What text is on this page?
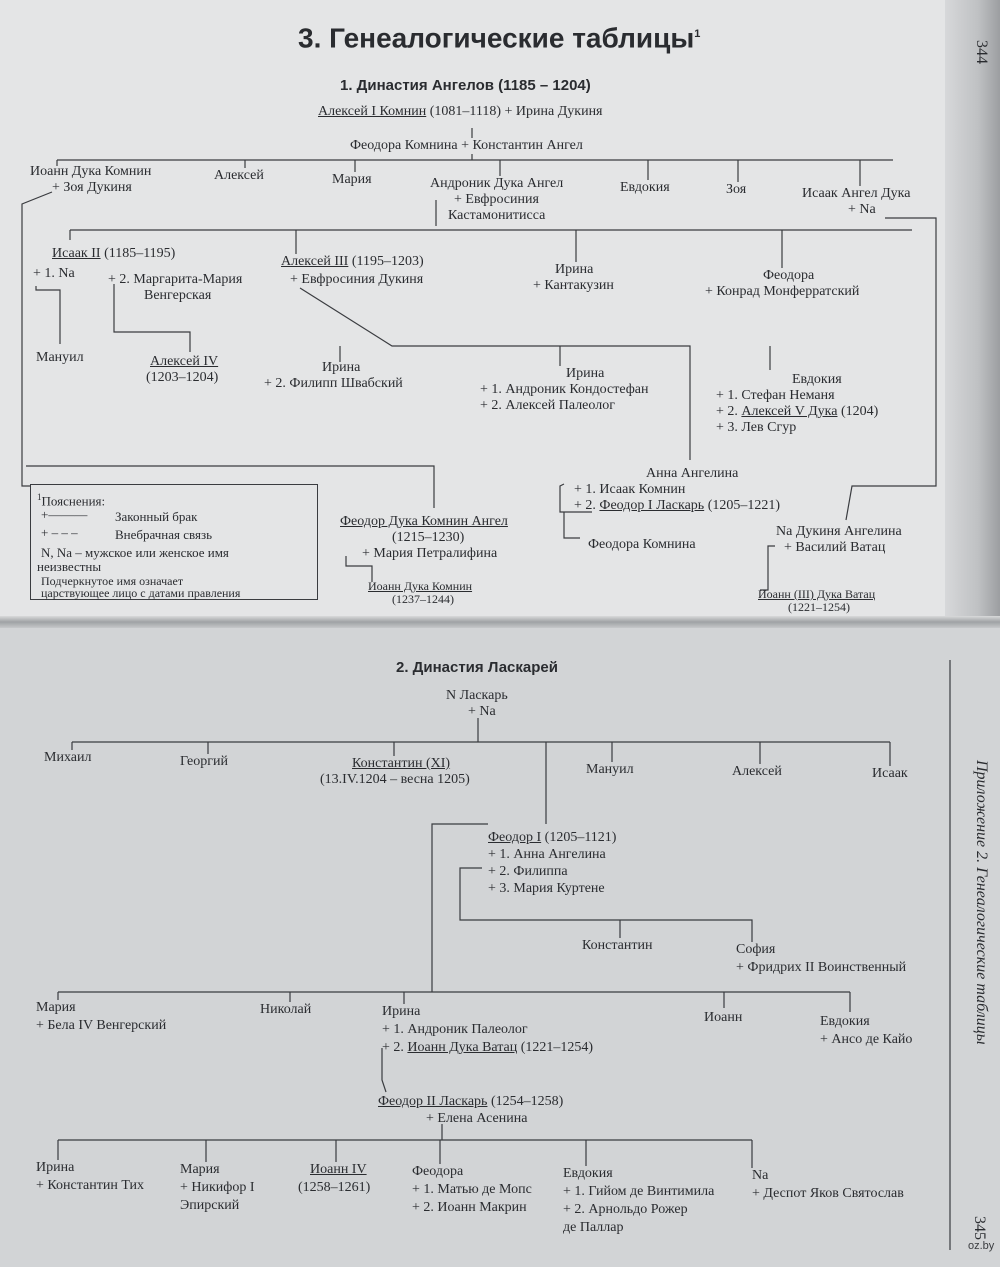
3. Генеалогические таблицы$^1$
1. Династия Ангелов (1185 – 1204)
344
Алексей I Комнин (1081–1118) + Ирина Дукиня
Феодора Комнина + Константин Ангел
Иоанн Дука Комнин
+ Зоя Дукиня
Алексей	Мария	Андроник Дука Ангел
+ Евфросиния
Кастамонитисса
Евдокия	Зоя	Исаак Ангел Дука
+ Na
Исаак II (1185–1195)
+ 1. Na + 2. Маргарита-Мария
Венгерская
Алексей III (1195–1203)
+ Евфросиния Дукиня
Ирина
+ Кантакузин
Феодора
+ Конрад Монферратский
Мануил	Алексей IV
(1203–1204)
Ирина
+ 2. Филипп Швабский
Ирина
+ 1. Андроник Кондостефан
+ 2. Алексей Палеолог
Евдокия
+ 1. Стефан Неманя
+ 2. Алексей V Дука (1204)
+ 3. Лев Сгур
Анна Ангелина
+ 1. Исаак Комнин
+ 2. Феодор I Ласкарь (1205–1221)
Феодора Комнина
Феодор Дука Комнин Ангел
(1215–1230)
+ Мария Петралифина
Иоанн Дука Комнин
(1237–1244)
Na Дукиня Ангелина
+ Василий Ватац
Иоанн (III) Дука Ватац
(1221–1254)
$^1$Пояснения:
+——— Законный брак
+ – – –	Внебрачная связь
N, Na – мужское или женское имя
неизвестны
Подчеркнутое имя означает
царствующее лицо с датами правления
2. Династия Ласкарей
Приложение 2. Генеалогические таблицы
345
oz.by
N Ласкарь
+ Na
Михаил	Георгий	Константин (XI)
(13.IV.1204 – весна 1205)
Мануил	Алексей	Исаак
Феодор I (1205–1121)
+ 1. Анна Ангелина
+ 2. Филиппа
+ 3. Мария Куртене
Константин	София
+ Фридрих II Воинственный
Мария
+ Бела IV Венгерский
Николай	Ирина
+ 1. Андроник Палеолог
+ 2. Иоанн Дука Ватац (1221–1254)
Иоанн	Евдокия
+ Ансо де Кайо
Феодор II Ласкарь (1254–1258)
+ Елена Асенина
Ирина
+ Константин Тих
Мария
+ Никифор I
Эпирский
Иоанн IV
(1258–1261)
Феодора
+ 1. Матью де Мопс
+ 2. Иоанн Макрин
Евдокия
+ 1. Гийом де Винтимила
+ 2. Арнольдо Рожер
де Паллар
Na
+ Деспот Яков Святослав
